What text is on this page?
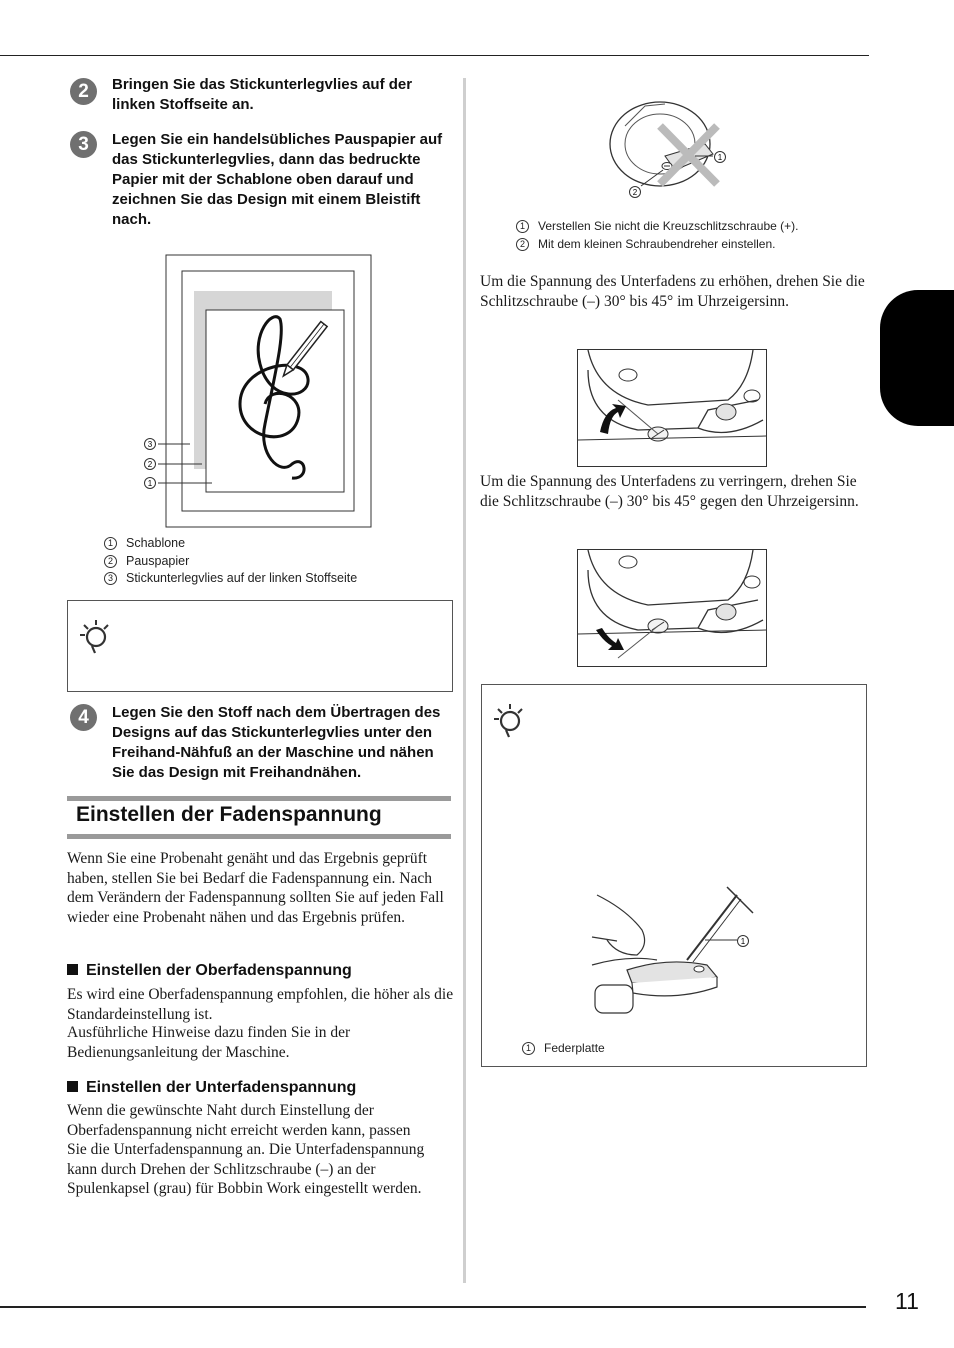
11
2	Bringen Sie das Stickunterlegvlies auf der linken Stoffseite an.
3	Legen Sie ein handelsübliches Pauspapier auf das Stickunterlegvlies, dann das bedruckte Papier mit der Schablone oben darauf und zeichnen Sie das Design mit einem Bleistift nach.
3
2
1
1	Schablone
2	Pauspapier
3	Stickunterlegvlies auf der linken Stoffseite
4	Legen Sie den Stoff nach dem Übertragen des Designs auf das Stickunterlegvlies unter den Freihand-Nähfuß an der Maschine und nähen Sie das Design mit Freihandnähen.
Einstellen der Fadenspannung
Wenn Sie eine Probenaht genäht und das Ergebnis geprüft haben, stellen Sie bei Bedarf die Fadenspannung ein. Nach dem Verändern der Fadenspannung sollten Sie auf jeden Fall wieder eine Probenaht nähen und das Ergebnis prüfen.
Einstellen der Oberfadenspannung
Es wird eine Oberfadenspannung empfohlen, die höher als die Standardeinstellung ist.
Ausführliche Hinweise dazu finden Sie in der Bedienungsanleitung der Maschine.
Einstellen der Unterfadenspannung
Wenn die gewünschte Naht durch Einstellung der Oberfadenspannung nicht erreicht werden kann, passen Sie die Unterfadenspannung an. Die Unterfadenspannung kann durch Drehen der Schlitzschraube (–) an der Spulenkapsel (grau) für Bobbin Work eingestellt werden.
1
2
1	Verstellen Sie nicht die Kreuzschlitzschraube (+).
2	Mit dem kleinen Schraubendreher einstellen.
Um die Spannung des Unterfadens zu erhöhen, drehen Sie die Schlitzschraube (–) 30° bis 45° im Uhrzeigersinn.
Um die Spannung des Unterfadens zu verringern, drehen Sie die Schlitzschraube (–) 30° bis 45° gegen den Uhrzeigersinn.
1
1	Federplatte
